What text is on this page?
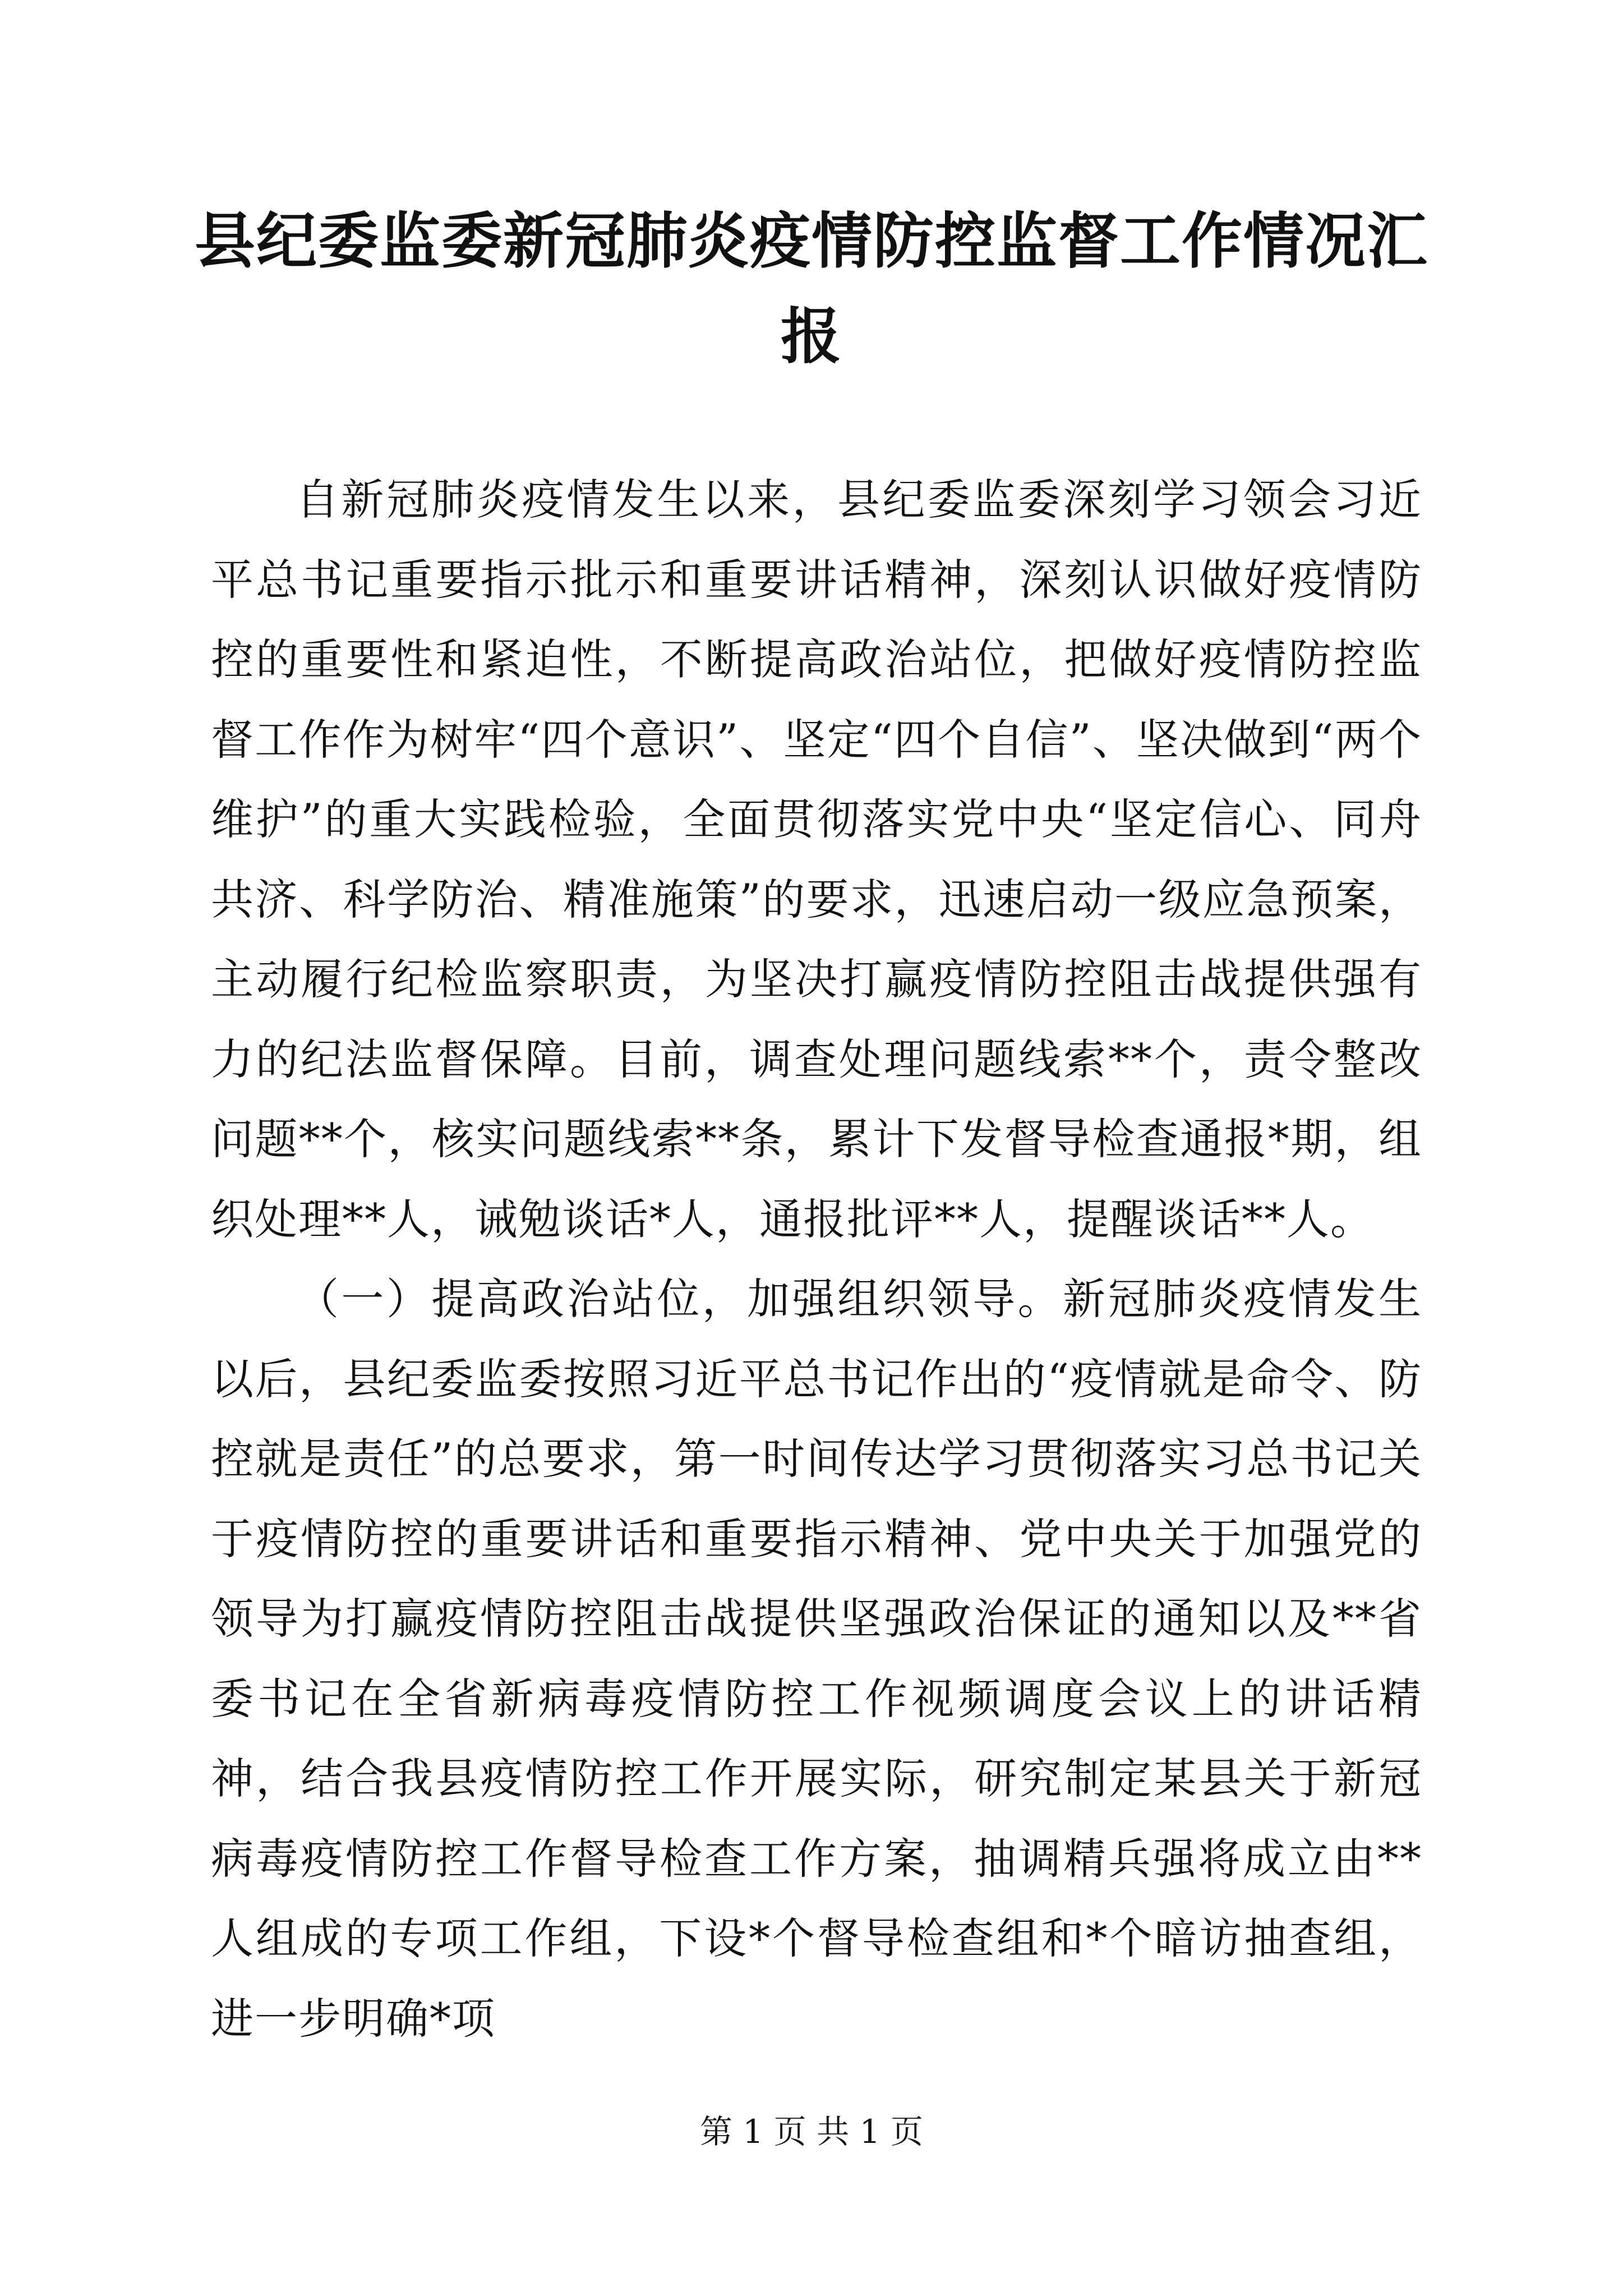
县纪委监委新冠肺炎疫情防控监督工作情况汇报

自新冠肺炎疫情发生以来，县纪委监委深刻学习领会习近平总书记重要指示批示和重要讲话精神，深刻认识做好疫情防控的重要性和紧迫性，不断提高政治站位，把做好疫情防控监督工作作为树牢“四个意识”、坚定“四个自信”、坚决做到“两个维护”的重大实践检验，全面贯彻落实党中央“坚定信心、同舟共济、科学防治、精准施策”的要求，迅速启动一级应急预案，主动履行纪检监察职责，为坚决打赢疫情防控阻击战提供强有力的纪法监督保障。目前，调查处理问题线索**个，责令整改问题**个，核实问题线索**条，累计下发督导检查通报*期，组织处理**人，诫勉谈话*人，通报批评**人，提醒谈话**人。

（一）提高政治站位，加强组织领导。新冠肺炎疫情发生以后，县纪委监委按照习近平总书记作出的“疫情就是命令、防控就是责任”的总要求，第一时间传达学习贯彻落实习总书记关于疫情防控的重要讲话和重要指示精神、党中央关于加强党的领导为打赢疫情防控阻击战提供坚强政治保证的通知以及**省委书记在全省新病毒疫情防控工作视频调度会议上的讲话精神，结合我县疫情防控工作开展实际，研究制定某县关于新冠病毒疫情防控工作督导检查工作方案，抽调精兵强将成立由**人组成的专项工作组，下设*个督导检查组和*个暗访抽查组，进一步明确*项

第 1 页 共 1 页
